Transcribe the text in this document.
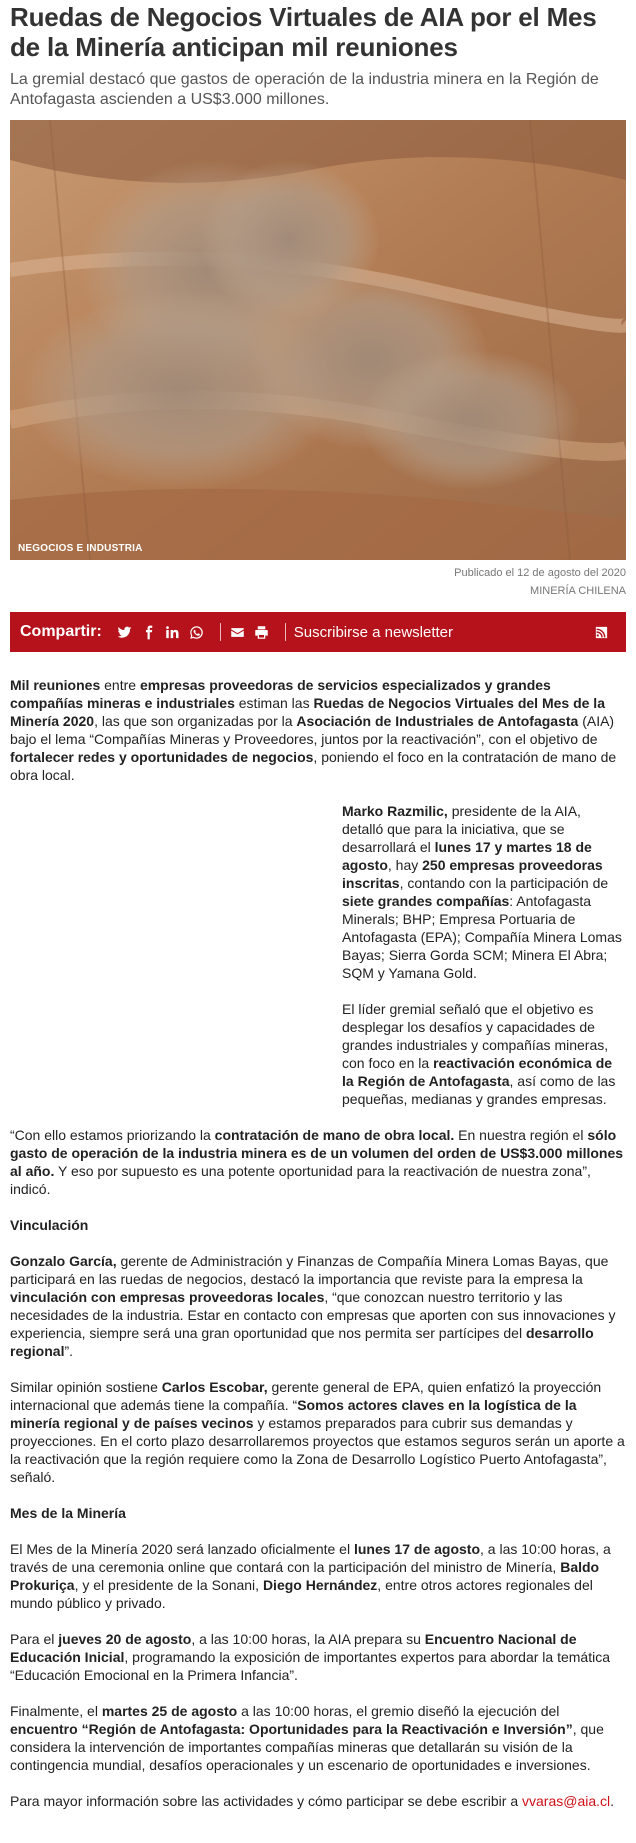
Ruedas de Negocios Virtuales de AIA por el Mes de la Minería anticipan mil reuniones
La gremial destacó que gastos de operación de la industria minera en la Región de Antofagasta ascienden a US$3.000 millones.
NEGOCIOS E INDUSTRIA
Publicado el 12 de agosto del 2020
MINERÍA CHILENA
Compartir:	Suscribirse a newsletter

Mil reuniones entre empresas proveedoras de servicios especializados y grandes compañías mineras e industriales estiman las Ruedas de Negocios Virtuales del Mes de la Minería 2020, las que son organizadas por la Asociación de Industriales de Antofagasta (AIA) bajo el lema “Compañías Mineras y Proveedores, juntos por la reactivación”, con el objetivo de fortalecer redes y oportunidades de negocios, poniendo el foco en la contratación de mano de obra local.

Marko Razmilic, presidente de la AIA, detalló que para la iniciativa, que se desarrollará el lunes 17 y martes 18 de agosto, hay 250 empresas proveedoras inscritas, contando con la participación de siete grandes compañías: Antofagasta Minerals; BHP; Empresa Portuaria de Antofagasta (EPA); Compañía Minera Lomas Bayas; Sierra Gorda SCM; Minera El Abra; SQM y Yamana Gold.

El líder gremial señaló que el objetivo es desplegar los desafíos y capacidades de grandes industriales y compañías mineras, con foco en la reactivación económica de la Región de Antofagasta, así como de las pequeñas, medianas y grandes empresas.

“Con ello estamos priorizando la contratación de mano de obra local. En nuestra región el sólo gasto de operación de la industria minera es de un volumen del orden de US$3.000 millones al año. Y eso por supuesto es una potente oportunidad para la reactivación de nuestra zona”, indicó.

Vinculación

Gonzalo García, gerente de Administración y Finanzas de Compañía Minera Lomas Bayas, que participará en las ruedas de negocios, destacó la importancia que reviste para la empresa la vinculación con empresas proveedoras locales, “que conozcan nuestro territorio y las necesidades de la industria. Estar en contacto con empresas que aporten con sus innovaciones y experiencia, siempre será una gran oportunidad que nos permita ser partícipes del desarrollo regional”.

Similar opinión sostiene Carlos Escobar, gerente general de EPA, quien enfatizó la proyección internacional que además tiene la compañía. “Somos actores claves en la logística de la minería regional y de países vecinos y estamos preparados para cubrir sus demandas y proyecciones. En el corto plazo desarrollaremos proyectos que estamos seguros serán un aporte a la reactivación que la región requiere como la Zona de Desarrollo Logístico Puerto Antofagasta”, señaló.

Mes de la Minería

El Mes de la Minería 2020 será lanzado oficialmente el lunes 17 de agosto, a las 10:00 horas, a través de una ceremonia online que contará con la participación del ministro de Minería, Baldo Prokuriça, y el presidente de la Sonani, Diego Hernández, entre otros actores regionales del mundo público y privado.

Para el jueves 20 de agosto, a las 10:00 horas, la AIA prepara su Encuentro Nacional de Educación Inicial, programando la exposición de importantes expertos para abordar la temática “Educación Emocional en la Primera Infancia”.

Finalmente, el martes 25 de agosto a las 10:00 horas, el gremio diseñó la ejecución del encuentro “Región de Antofagasta: Oportunidades para la Reactivación e Inversión”, que considera la intervención de importantes compañías mineras que detallarán su visión de la contingencia mundial, desafíos operacionales y un escenario de oportunidades e inversiones.

Para mayor información sobre las actividades y cómo participar se debe escribir a vvaras@aia.cl.
